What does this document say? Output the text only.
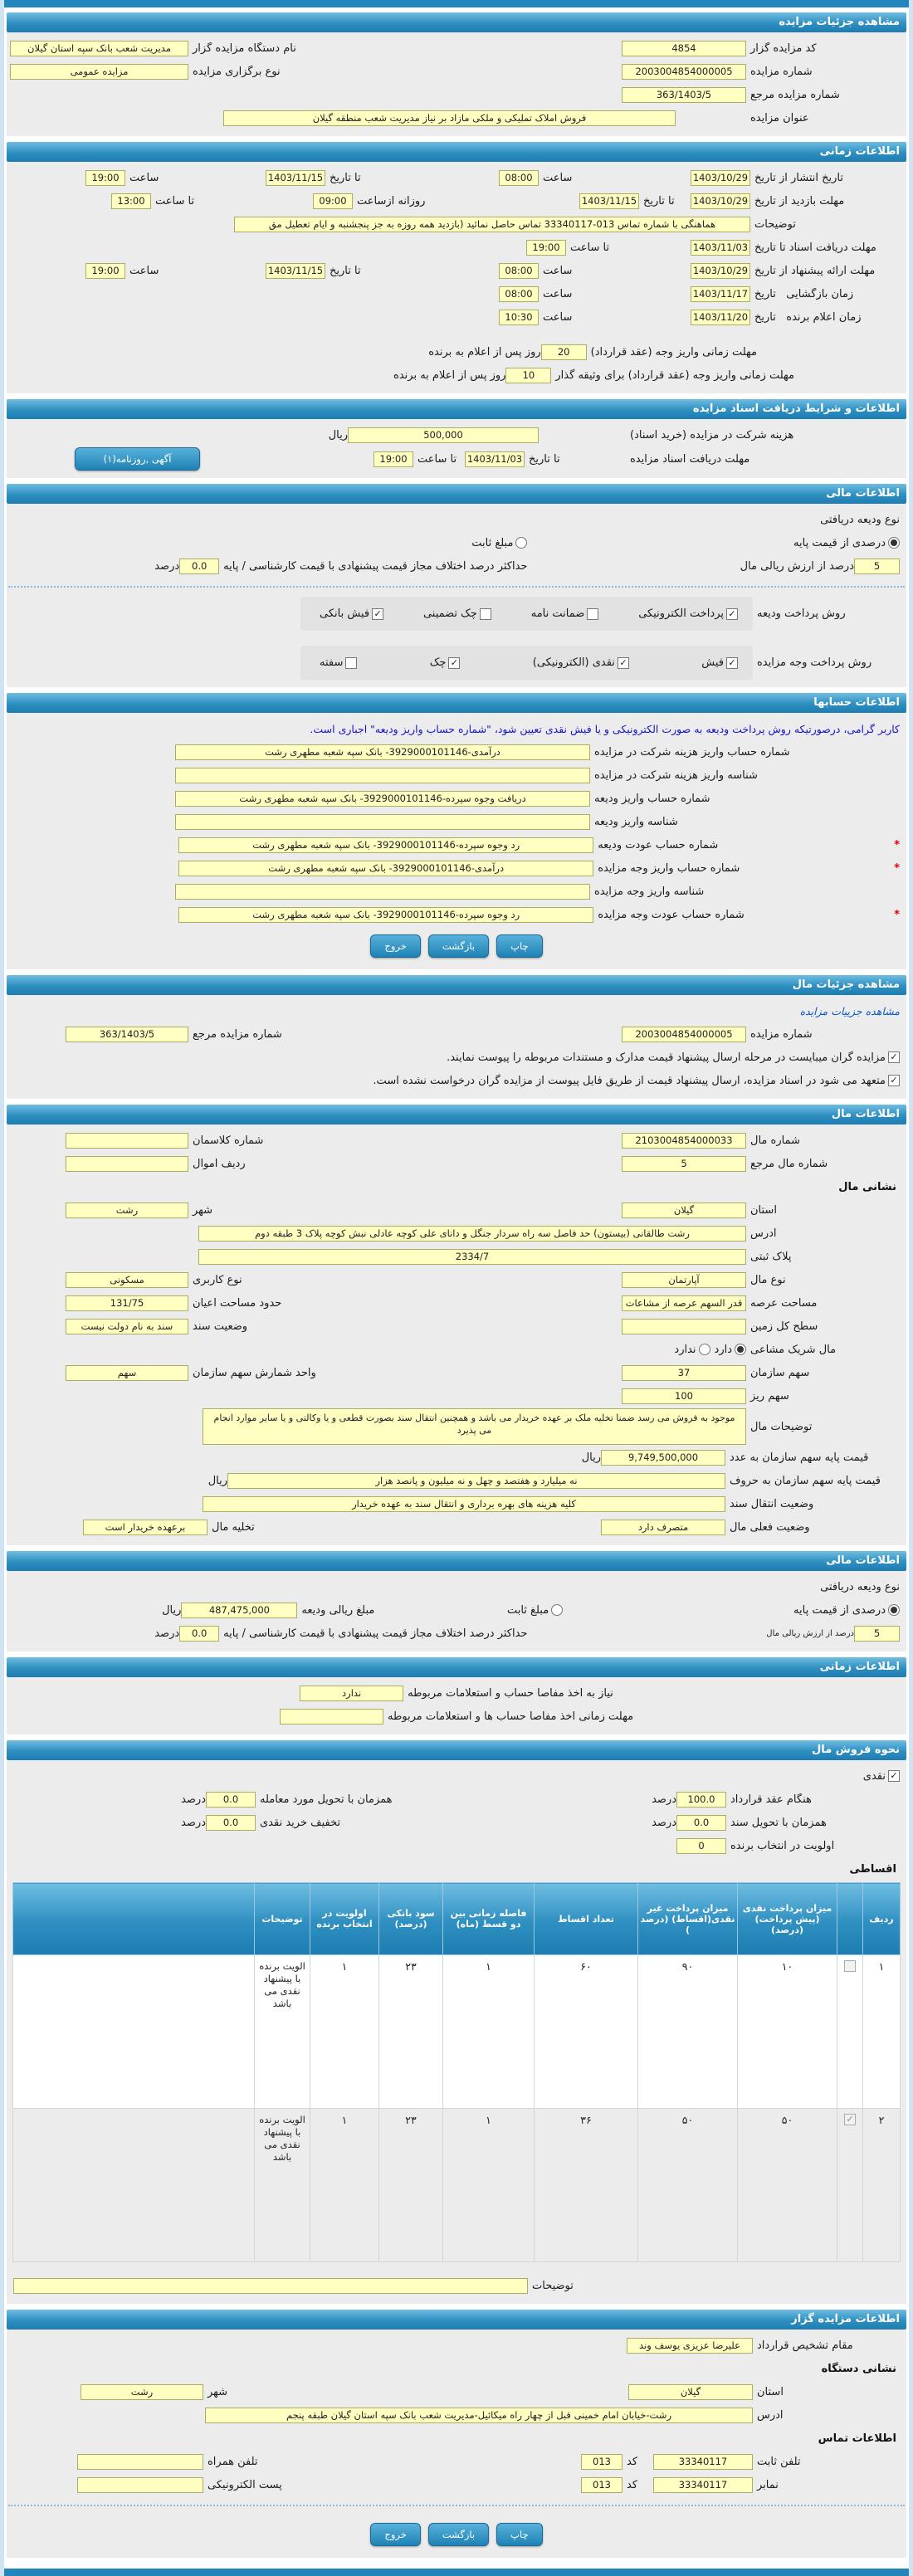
مشاهده جزئیات مزایده
کد مزایده گزار
4854
نام دستگاه مزایده گزار
مدیریت شعب بانک سپه استان گیلان
شماره مزایده
2003004854000005
نوع برگزاری مزایده
مزایده عمومی
شماره مزایده مرجع
363/1403/5
عنوان مزایده
فروش املاک تملیکی و ملکی مازاد بر نیاز مدیریت شعب منطقه گیلان
اطلاعات زمانی
تاریخ انتشار از تاریخ
1403/10/29
ساعت
08:00
تا تاریخ
1403/11/15
ساعت
19:00
مهلت بازدید از تاریخ
1403/10/29
تا تاریخ
1403/11/15
روزانه ازساعت
09:00
تا ساعت
13:00
توضیحات
هماهنگی با شماره تماس 013-33340117 تماس حاصل نمائید (بازدید همه روزه به جز پنجشنبه و ایام تعطیل مق
مهلت دریافت اسناد تا تاریخ
1403/11/03
تا ساعت
19:00
مهلت ارائه پیشنهاد از تاریخ
1403/10/29
ساعت
08:00
تا تاریخ
1403/11/15
ساعت
19:00
زمان بازگشایی   تاریخ
1403/11/17
ساعت
08:00
زمان اعلام برنده   تاریخ
1403/11/20
ساعت
10:30
مهلت زمانی واریز وجه (عقد قرارداد)
20
روز پس از اعلام به برنده
مهلت زمانی واریز وجه (عقد قرارداد) برای وثیقه گذار
10
روز پس از اعلام به برنده
اطلاعات و شرایط دریافت اسناد مزایده
هزینه شرکت در مزایده (خرید اسناد)
500,000
ریال
مهلت دریافت اسناد مزایده
تا تاریخ
1403/11/03
تا ساعت
19:00
آگهی ,روزنامه(۱)
اطلاعات مالی
نوع ودیعه دریافتی
درصدی از قیمت پایه
مبلغ ثابت
5
درصد از ارزش ریالی مال
حداکثر درصد اختلاف مجاز قیمت پیشنهادی با قیمت کارشناسی / پایه
0.0
درصد
روش پرداخت ودیعه
✓
پرداخت الکترونیکی
ضمانت نامه
چک تضمینی
✓
فیش بانکی
روش پرداخت وجه مزایده
✓
فیش
✓
نقدی (الکترونیکی)
✓
چک
سفته
اطلاعات حسابها
کاربر گرامی، درصورتیکه روش پرداخت ودیعه به صورت الکترونیکی و یا فیش نقدی تعیین شود، "شماره حساب واریز ودیعه" اجباری است.
شماره حساب واریز هزینه شرکت در مزایده
درآمدی-3929000101146- بانک سپه شعبه مطهری رشت
شناسه واریز هزینه شرکت در مزایده
شماره حساب واریز ودیعه
دریافت وجوه سپرده-3929000101146- بانک سپه شعبه مطهری رشت
شناسه واریز ودیعه
*
شماره حساب عودت ودیعه
رد وجوه سپرده-3929000101146- بانک سپه شعبه مطهری رشت
*
شماره حساب واریز وجه مزایده
درآمدی-3929000101146- بانک سپه شعبه مطهری رشت
شناسه واریز وجه مزایده
*
شماره حساب عودت وجه مزایده
رد وجوه سپرده-3929000101146- بانک سپه شعبه مطهری رشت
چاپ
بازگشت
خروج
مشاهده جزئیات مال
مشاهده جزییات مزایده
شماره مزایده
2003004854000005
شماره مزایده مرجع
363/1403/5
✓
مزایده گران میبایست در مرحله ارسال پیشنهاد قیمت مدارک و مستندات مربوطه را پیوست نمایند.
✓
متعهد می شود در اسناد مزایده، ارسال پیشنهاد قیمت از طریق فایل پیوست از مزایده گران درخواست نشده است.
اطلاعات مال
شماره مال
2103004854000033
شماره کلاسمان
شماره مال مرجع
5
ردیف اموال
نشانی مال
استان
گیلان
شهر
رشت
آدرس
رشت طالقانی (بیستون) حد فاصل سه راه سردار جنگل و دانای علی کوچه عادلی نبش کوچه پلاک 3 طبقه دوم
پلاک ثبتی
2334/7
نوع مال
آپارتمان
نوع کاربری
مسکونی
مساحت عرصه
قدر السهم عرصه از مشاعات
حدود مساحت اعیان
131/75
سطح کل زمین
وضعیت سند
سند به نام دولت نیست
مال شریک مشاعی
دارد
ندارد
سهم سازمان
37
واحد شمارش سهم سازمان
سهم
سهم ریز
100
توضیحات مال
موجود به فروش می رسد ضمنا تخلیه ملک بر عهده خریدار می باشد و همچنین انتقال سند بصورت قطعی و یا وکالتی و یا سایر موارد انجام می پذیرد
قیمت پایه سهم سازمان به عدد
9,749,500,000
ریال
قیمت پایه سهم سازمان به حروف
نه میلیارد و هفتصد و چهل و نه میلیون و پانصد هزار
ریال
وضعیت انتقال سند
کلیه هزینه های بهره برداری و انتقال سند به عهده خریدار
وضعیت فعلی مال
متصرف دارد
تخلیه مال
برعهده خریدار است
اطلاعات مالی
نوع ودیعه دریافتی
درصدی از قیمت پایه
مبلغ ثابت
مبلغ ریالی ودیعه
487,475,000
ریال
5
درصد از ارزش ریالی مال
حداکثر درصد اختلاف مجاز قیمت پیشنهادی با قیمت کارشناسی / پایه
0.0
درصد
اطلاعات زمانی
نیاز به اخذ مفاصا حساب و استعلامات مربوطه
ندارد
مهلت زمانی اخذ مفاصا حساب ها و استعلامات مربوطه
نحوه فروش مال
✓
نقدی
هنگام عقد قرارداد
100.0
درصد
همزمان با تحویل مورد معامله
0.0
درصد
همزمان با تحویل سند
0.0
درصد
تخفیف خرید نقدی
0.0
درصد
اولویت در انتخاب برنده
0
اقساطی
ردیف		میزان پرداخت نقدی (پیش پرداخت) (درصد)	میزان پرداخت غیر نقدی(اقساط) (درصد )	تعداد اقساط	فاصله زمانی بین دو قسط (ماه)	سود بانکی (درصد)	اولویت در انتخاب برنده	توضیحات	
۱		۱۰	۹۰	۶۰	۱	۲۳	۱	الویت برنده با پیشنهاد نقدی می باشد	
۲	✓	۵۰	۵۰	۳۶	۱	۲۳	۱	الویت برنده با پیشنهاد نقدی می باشد	
توضیحات
اطلاعات مزایده گزار
مقام تشخیص قرارداد
علیرضا عزیزی یوسف وند
نشانی دستگاه
استان
گیلان
شهر
رشت
آدرس
رشت-خیابان امام خمینی قبل از چهار راه میکائیل-مدیریت شعب بانک سپه استان گیلان طبقه پنجم
اطلاعات تماس
تلفن ثابت
33340117
کد
013
تلفن همراه
نمابر
33340117
کد
013
پست الکترونیکی
چاپ
بازگشت
خروج
